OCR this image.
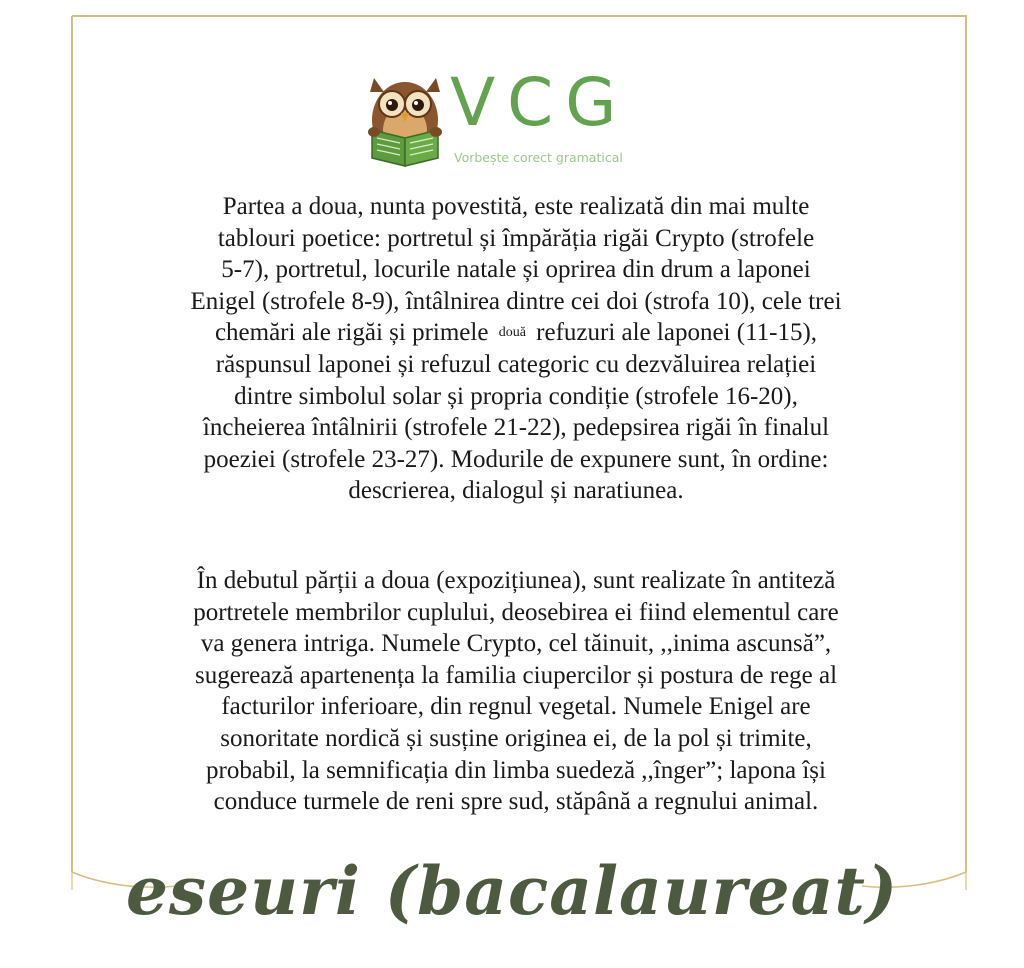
VCG
Vorbește corect gramatical
Partea a doua, nunta povestită, este realizată din mai multe
tablouri poetice: portretul și împărăția rigăi Crypto (strofele
5-7), portretul, locurile natale și oprirea din drum a laponei
Enigel (strofele 8-9), întâlnirea dintre cei doi (strofa 10), cele trei
chemări ale rigăi și primele două refuzuri ale laponei (11-15),
răspunsul laponei și refuzul categoric cu dezvăluirea relației
dintre simbolul solar și propria condiție (strofele 16-20),
încheierea întâlnirii (strofele 21-22), pedepsirea rigăi în finalul
poeziei (strofele 23-27). Modurile de expunere sunt, în ordine:
descrierea, dialogul și naratiunea.
În debutul părții a doua (expozițiunea), sunt realizate în antiteză
portretele membrilor cuplului, deosebirea ei fiind elementul care
va genera intriga. Numele Crypto, cel tăinuit, ,,inima ascunsă”,
sugerează apartenența la familia ciupercilor și postura de rege al
facturilor inferioare, din regnul vegetal. Numele Enigel are
sonoritate nordică și susține originea ei, de la pol și trimite,
probabil, la semnificația din limba suedeză ,,înger”; lapona își
conduce turmele de reni spre sud, stăpână a regnului animal.
eseuri (bacalaureat)
